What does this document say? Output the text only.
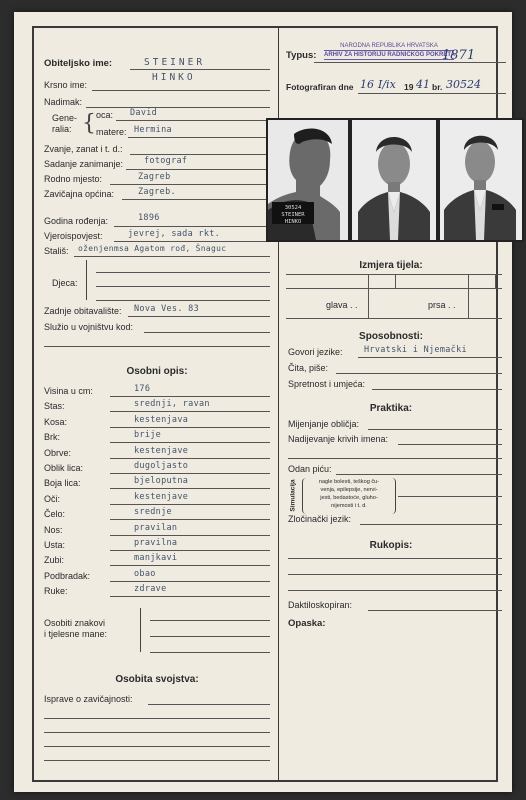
Obiteljsko ime:	STEINER
Krsno ime:
HINKO
Nadimak:
Gene-
ralia: { oca: David
matere: Hermina
Zvanje, zanat i t. d.:
Sadanje zanimanje: fotograf
Rodno mjesto:	Zagreb
Zavičajna općina:	Zagreb.
Godina rođenja:	1896
Vjeroispovjest:	jevrej, sada rkt.
Stališ: oženjenmsa Agatom rođ, Šnaguc
Djeca:
Zadnje obitavalište: Nova Ves. 83
Služio u vojništvu kod:
Osobni opis:
Visina u cm:	176
Stas:	srednji, ravan
Kosa:	kestenjava
Brk:	brije
Obrve:	kestenjave
Oblik lica:	dugoljasto
Boja lica:	bjeloputna
Oči:	kestenjave
Čelo:	srednje
Nos:	pravilan
Usta:	pravilna
Zubi:	manjkavi
Podbradak:	obao
Ruke:	zdrave
Osobiti znakovi
i tjelesne mane:
Osobita svojstva:
Isprave o zavičajnosti:
Typus:
NARODNA REPUBLIKA HRVATSKA
ARHIV ZA HISTORIJU RADNIČKOG POKRETA
1871
Fotografiran dne 16 I/ix 19 41 br. 30524
30524
STEINER
HINKO
Izmjera tijela:
glava . .	prsa . .
Sposobnosti:
Govori jezike:	Hrvatski i Njemački
Čita, piše:
Spretnost i umjeća:
Praktika:
Mijenjanje obličja:
Nadijevanje krivih imena:
Odan piću:
Simulacija	nagle bolesti, teškog ču-
venja, epilepsije, nervi-
jesti, bedastoće, gluho-
nijemosti i t. d.
Zločinački jezik:
Rukopis:
Daktiloskopiran:
Opaska:
